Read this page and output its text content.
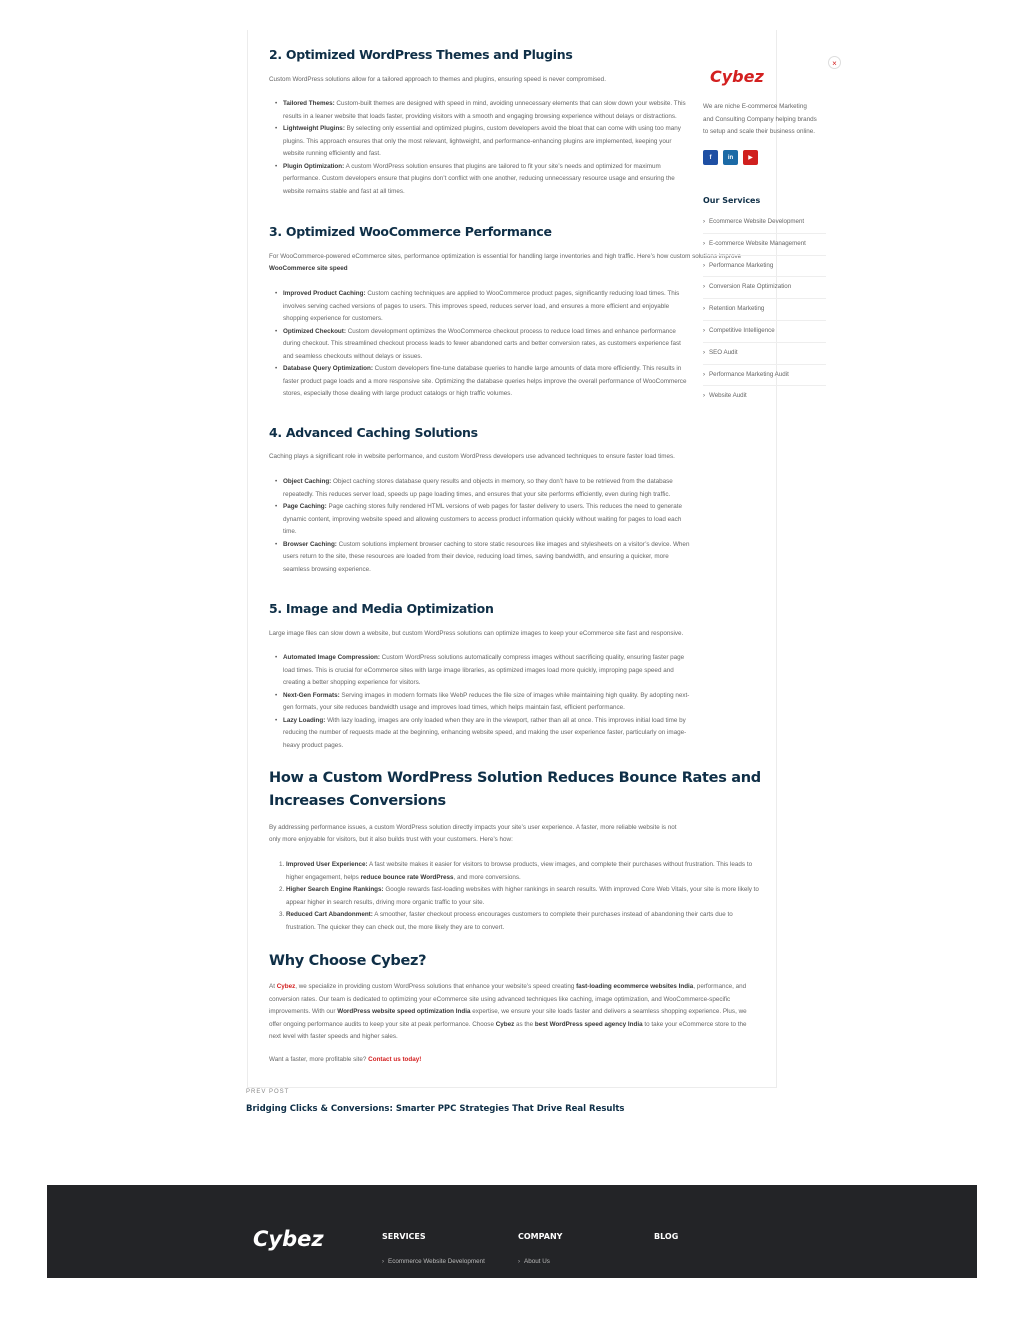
2. Optimized WordPress Themes and Plugins

Custom WordPress solutions allow for a tailored approach to themes and plugins, ensuring speed is never compromised.

• Tailored Themes: Custom-built themes are designed with speed in mind, avoiding unnecessary elements that can slow down your website. This results in a leaner website that loads faster, providing visitors with a smooth and engaging browsing experience without delays or distractions.
• Lightweight Plugins: By selecting only essential and optimized plugins, custom developers avoid the bloat that can come with using too many plugins. This approach ensures that only the most relevant, lightweight, and performance-enhancing plugins are implemented, keeping your website running efficiently and fast.
• Plugin Optimization: A custom WordPress solution ensures that plugins are tailored to fit your site’s needs and optimized for maximum performance. Custom developers ensure that plugins don’t conflict with one another, reducing unnecessary resource usage and ensuring the website remains stable and fast at all times.
3. Optimized WooCommerce Performance

For WooCommerce-powered eCommerce sites, performance optimization is essential for handling large inventories and high traffic. Here’s how custom solutions improve

WooCommerce site speed

• Improved Product Caching: Custom caching techniques are applied to WooCommerce product pages, significantly reducing load times. This involves serving cached versions of pages to users. This improves speed, reduces server load, and ensures a more efficient and enjoyable shopping experience for customers.
• Optimized Checkout: Custom development optimizes the WooCommerce checkout process to reduce load times and enhance performance during checkout. This streamlined checkout process leads to fewer abandoned carts and better conversion rates, as customers experience fast and seamless checkouts without delays or issues.
• Database Query Optimization: Custom developers fine-tune database queries to handle large amounts of data more efficiently. This results in faster product page loads and a more responsive site. Optimizing the database queries helps improve the overall performance of WooCommerce stores, especially those dealing with large product catalogs or high traffic volumes.
4. Advanced Caching Solutions

Caching plays a significant role in website performance, and custom WordPress developers use advanced techniques to ensure faster load times.

• Object Caching: Object caching stores database query results and objects in memory, so they don’t have to be retrieved from the database repeatedly. This reduces server load, speeds up page loading times, and ensures that your site performs efficiently, even during high traffic.
• Page Caching: Page caching stores fully rendered HTML versions of web pages for faster delivery to users. This reduces the need to generate dynamic content, improving website speed and allowing customers to access product information quickly without waiting for pages to load each time.
• Browser Caching: Custom solutions implement browser caching to store static resources like images and stylesheets on a visitor’s device. When users return to the site, these resources are loaded from their device, reducing load times, saving bandwidth, and ensuring a quicker, more seamless browsing experience.
5. Image and Media Optimization

Large image files can slow down a website, but custom WordPress solutions can optimize images to keep your eCommerce site fast and responsive.

• Automated Image Compression: Custom WordPress solutions automatically compress images without sacrificing quality, ensuring faster page load times. This is crucial for eCommerce sites with large image libraries, as optimized images load more quickly, improping page speed and creating a better shopping experience for visitors.
• Next-Gen Formats: Serving images in modern formats like WebP reduces the file size of images while maintaining high quality. By adopting next-gen formats, your site reduces bandwidth usage and improves load times, which helps maintain fast, efficient performance.
• Lazy Loading: With lazy loading, images are only loaded when they are in the viewport, rather than all at once. This improves initial load time by reducing the number of requests made at the beginning, enhancing website speed, and making the user experience faster, particularly on image-heavy product pages.
How a Custom WordPress Solution Reduces Bounce Rates and
Increases Conversions

By addressing performance issues, a custom WordPress solution directly impacts your site’s user experience. A faster, more reliable website is not

only more enjoyable for visitors, but it also builds trust with your customers. Here’s how:

1. Improved User Experience: A fast website makes it easier for visitors to browse products, view images, and complete their purchases without frustration. This leads to higher engagement, helps reduce bounce rate WordPress, and more conversions.
2. Higher Search Engine Rankings: Google rewards fast-loading websites with higher rankings in search results. With improved Core Web Vitals, your site is more likely to appear higher in search results, driving more organic traffic to your site.
3. Reduced Cart Abandonment: A smoother, faster checkout process encourages customers to complete their purchases instead of abandoning their carts due to frustration. The quicker they can check out, the more likely they are to convert.
Why Choose Cybez?

At Cybez, we specialize in providing custom WordPress solutions that enhance your website’s speed creating fast-loading ecommerce websites India, performance, and conversion rates. Our team is dedicated to optimizing your eCommerce site using advanced techniques like caching, image optimization, and WooCommerce-specific improvements. With our WordPress website speed optimization India expertise, we ensure your site loads faster and delivers a seamless shopping experience. Plus, we offer ongoing performance audits to keep your site at peak performance. Choose Cybez as the best WordPress speed agency India to take your eCommerce store to the next level with faster speeds and higher sales.

Want a faster, more profitable site? Contact us today!

×
Cybez

We are niche E-commerce Marketing

and Consulting Company helping brands

to setup and scale their business online.

f	in	▶
Our Services
› Ecommerce Website Development
› E-commerce Website Management
› Performance Marketing
› Conversion Rate Optimization
› Retention Marketing
› Competitive Intelligence
› SEO Audit
› Performance Marketing Audit
› Website Audit
PREV POST
Bridging Clicks & Conversions: Smarter PPC Strategies That Drive Real Results
Cybez	SERVICES	COMPANY	BLOG
› Ecommerce Website Development	› About Us
